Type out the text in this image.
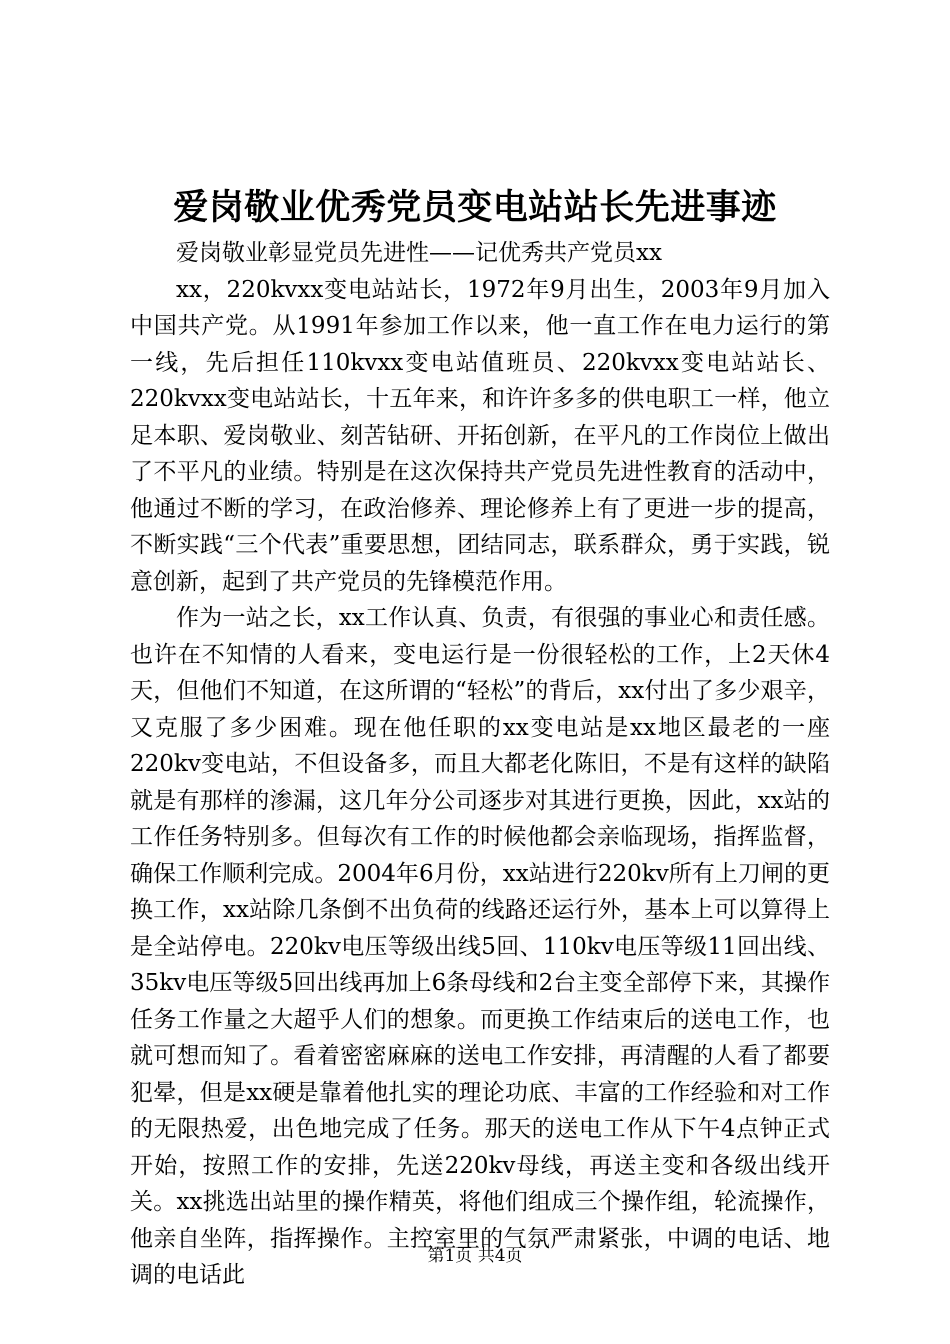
爱岗敬业优秀党员变电站站长先进事迹

爱岗敬业彰显党员先进性——记优秀共产党员xx

xx，220kvxx变电站站长，1972年9月出生，2003年9月加入中国共产党。从1991年参加工作以来，他一直工作在电力运行的第一线，先后担任110kvxx变电站值班员、220kvxx变电站站长、220kvxx变电站站长，十五年来，和许许多多的供电职工一样，他立足本职、爱岗敬业、刻苦钻研、开拓创新，在平凡的工作岗位上做出了不平凡的业绩。特别是在这次保持共产党员先进性教育的活动中，他通过不断的学习，在政治修养、理论修养上有了更进一步的提高，不断实践“三个代表”重要思想，团结同志，联系群众，勇于实践，锐意创新，起到了共产党员的先锋模范作用。

作为一站之长，xx工作认真、负责，有很强的事业心和责任感。也许在不知情的人看来，变电运行是一份很轻松的工作，上2天休4天，但他们不知道，在这所谓的“轻松”的背后，xx付出了多少艰辛，又克服了多少困难。现在他任职的xx变电站是xx地区最老的一座220kv变电站，不但设备多，而且大都老化陈旧，不是有这样的缺陷就是有那样的渗漏，这几年分公司逐步对其进行更换，因此，xx站的工作任务特别多。但每次有工作的时候他都会亲临现场，指挥监督，确保工作顺利完成。2004年6月份，xx站进行220kv所有上刀闸的更换工作，xx站除几条倒不出负荷的线路还运行外，基本上可以算得上是全站停电。220kv电压等级出线5回、110kv电压等级11回出线、35kv电压等级5回出线再加上6条母线和2台主变全部停下来，其操作任务工作量之大超乎人们的想象。而更换工作结束后的送电工作，也就可想而知了。看着密密麻麻的送电工作安排，再清醒的人看了都要犯晕，但是xx硬是靠着他扎实的理论功底、丰富的工作经验和对工作的无限热爱，出色地完成了任务。那天的送电工作从下午4点钟正式开始，按照工作的安排，先送220kv母线，再送主变和各级出线开关。xx挑选出站里的操作精英，将他们组成三个操作组，轮流操作，他亲自坐阵，指挥操作。主控室里的气氛严肃紧张，中调的电话、地调的电话此

第1页 共4页
